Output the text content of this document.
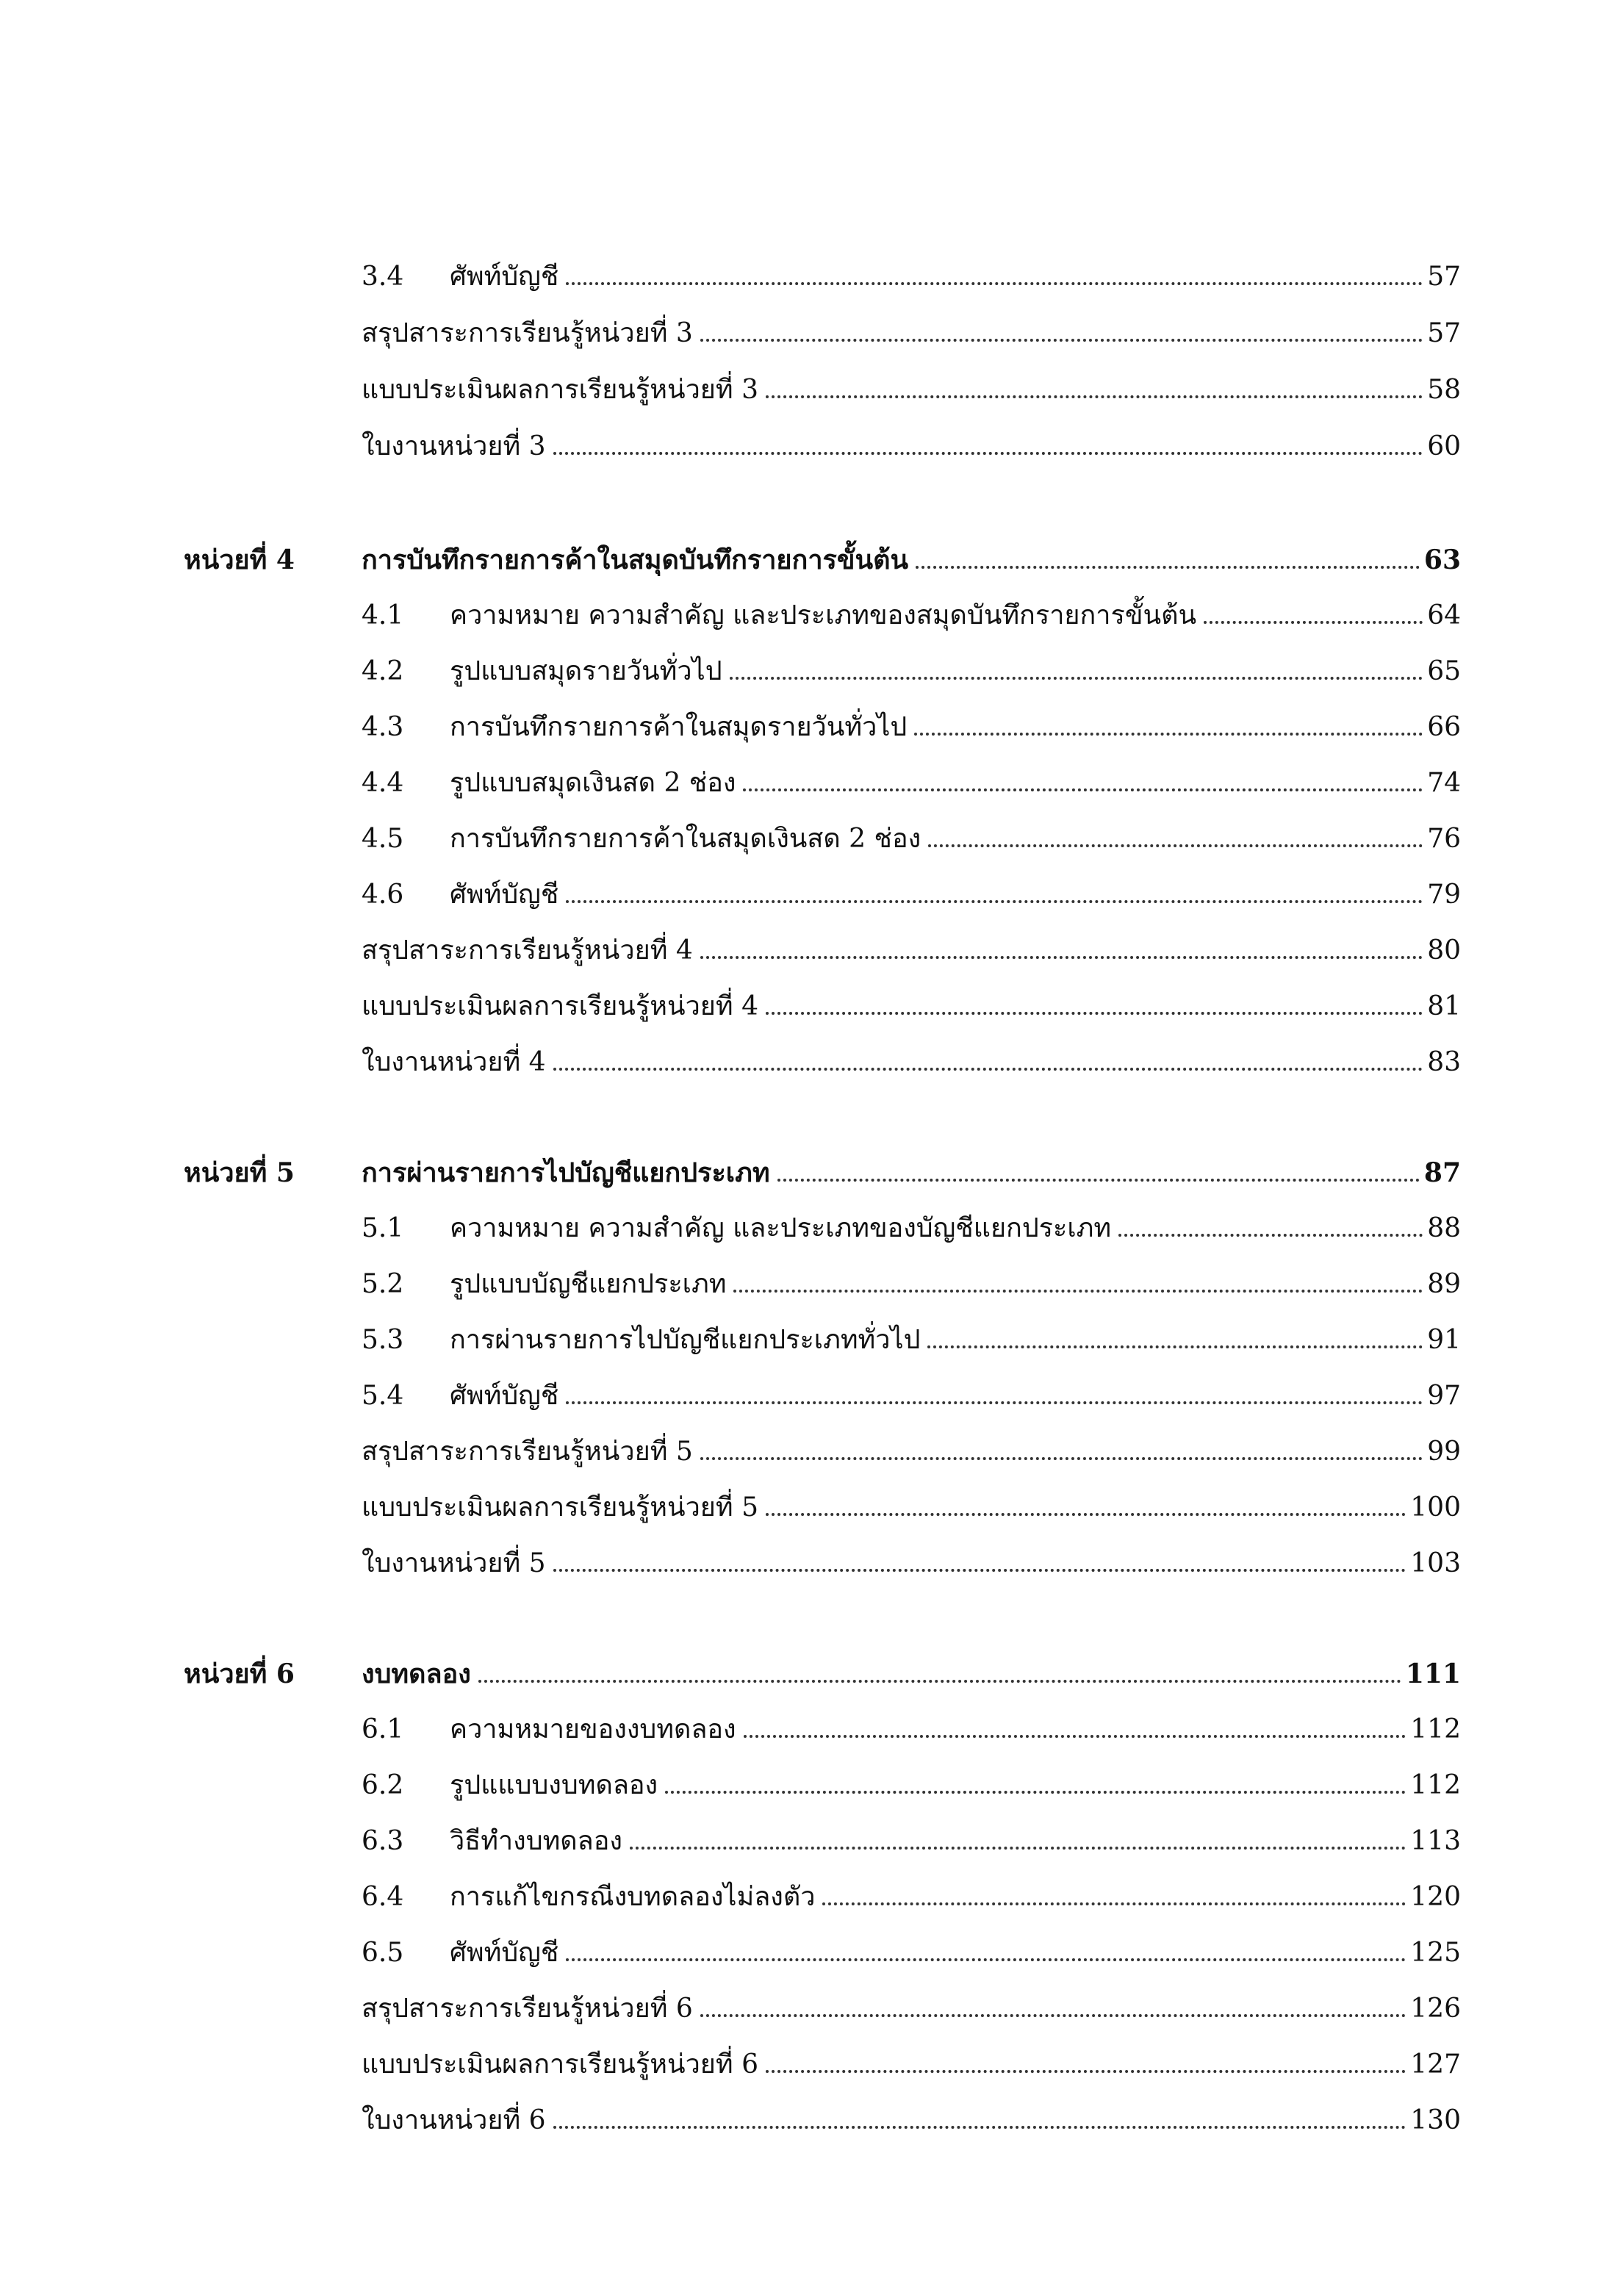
3.4 ศัพท์บัญชี	57
สรุปสาระการเรียนรู้หน่วยที่ 3	57
แบบประเมินผลการเรียนรู้หน่วยที่ 3	58
ใบงานหน่วยที่ 3	60
หน่วยที่ 4	การบันทึกรายการค้าในสมุดบันทึกรายการขั้นต้น	63
4.1 ความหมาย ความสำคัญ และประเภทของสมุดบันทึกรายการขั้นต้น	64
4.2 รูปแบบสมุดรายวันทั่วไป	65
4.3 การบันทึกรายการค้าในสมุดรายวันทั่วไป	66
4.4 รูปแบบสมุดเงินสด 2 ช่อง	74
4.5 การบันทึกรายการค้าในสมุดเงินสด 2 ช่อง	76
4.6 ศัพท์บัญชี	79
สรุปสาระการเรียนรู้หน่วยที่ 4	80
แบบประเมินผลการเรียนรู้หน่วยที่ 4	81
ใบงานหน่วยที่ 4	83
หน่วยที่ 5	การผ่านรายการไปบัญชีแยกประเภท	87
5.1 ความหมาย ความสำคัญ และประเภทของบัญชีแยกประเภท	88
5.2 รูปแบบบัญชีแยกประเภท	89
5.3 การผ่านรายการไปบัญชีแยกประเภททั่วไป	91
5.4 ศัพท์บัญชี	97
สรุปสาระการเรียนรู้หน่วยที่ 5	99
แบบประเมินผลการเรียนรู้หน่วยที่ 5	100
ใบงานหน่วยที่ 5	103
หน่วยที่ 6	งบทดลอง	111
6.1 ความหมายของงบทดลอง	112
6.2 รูปแแบบงบทดลอง	112
6.3 วิธีทำงบทดลอง	113
6.4 การแก้ไขกรณีงบทดลองไม่ลงตัว	120
6.5 ศัพท์บัญชี	125
สรุปสาระการเรียนรู้หน่วยที่ 6	126
แบบประเมินผลการเรียนรู้หน่วยที่ 6	127
ใบงานหน่วยที่ 6	130
